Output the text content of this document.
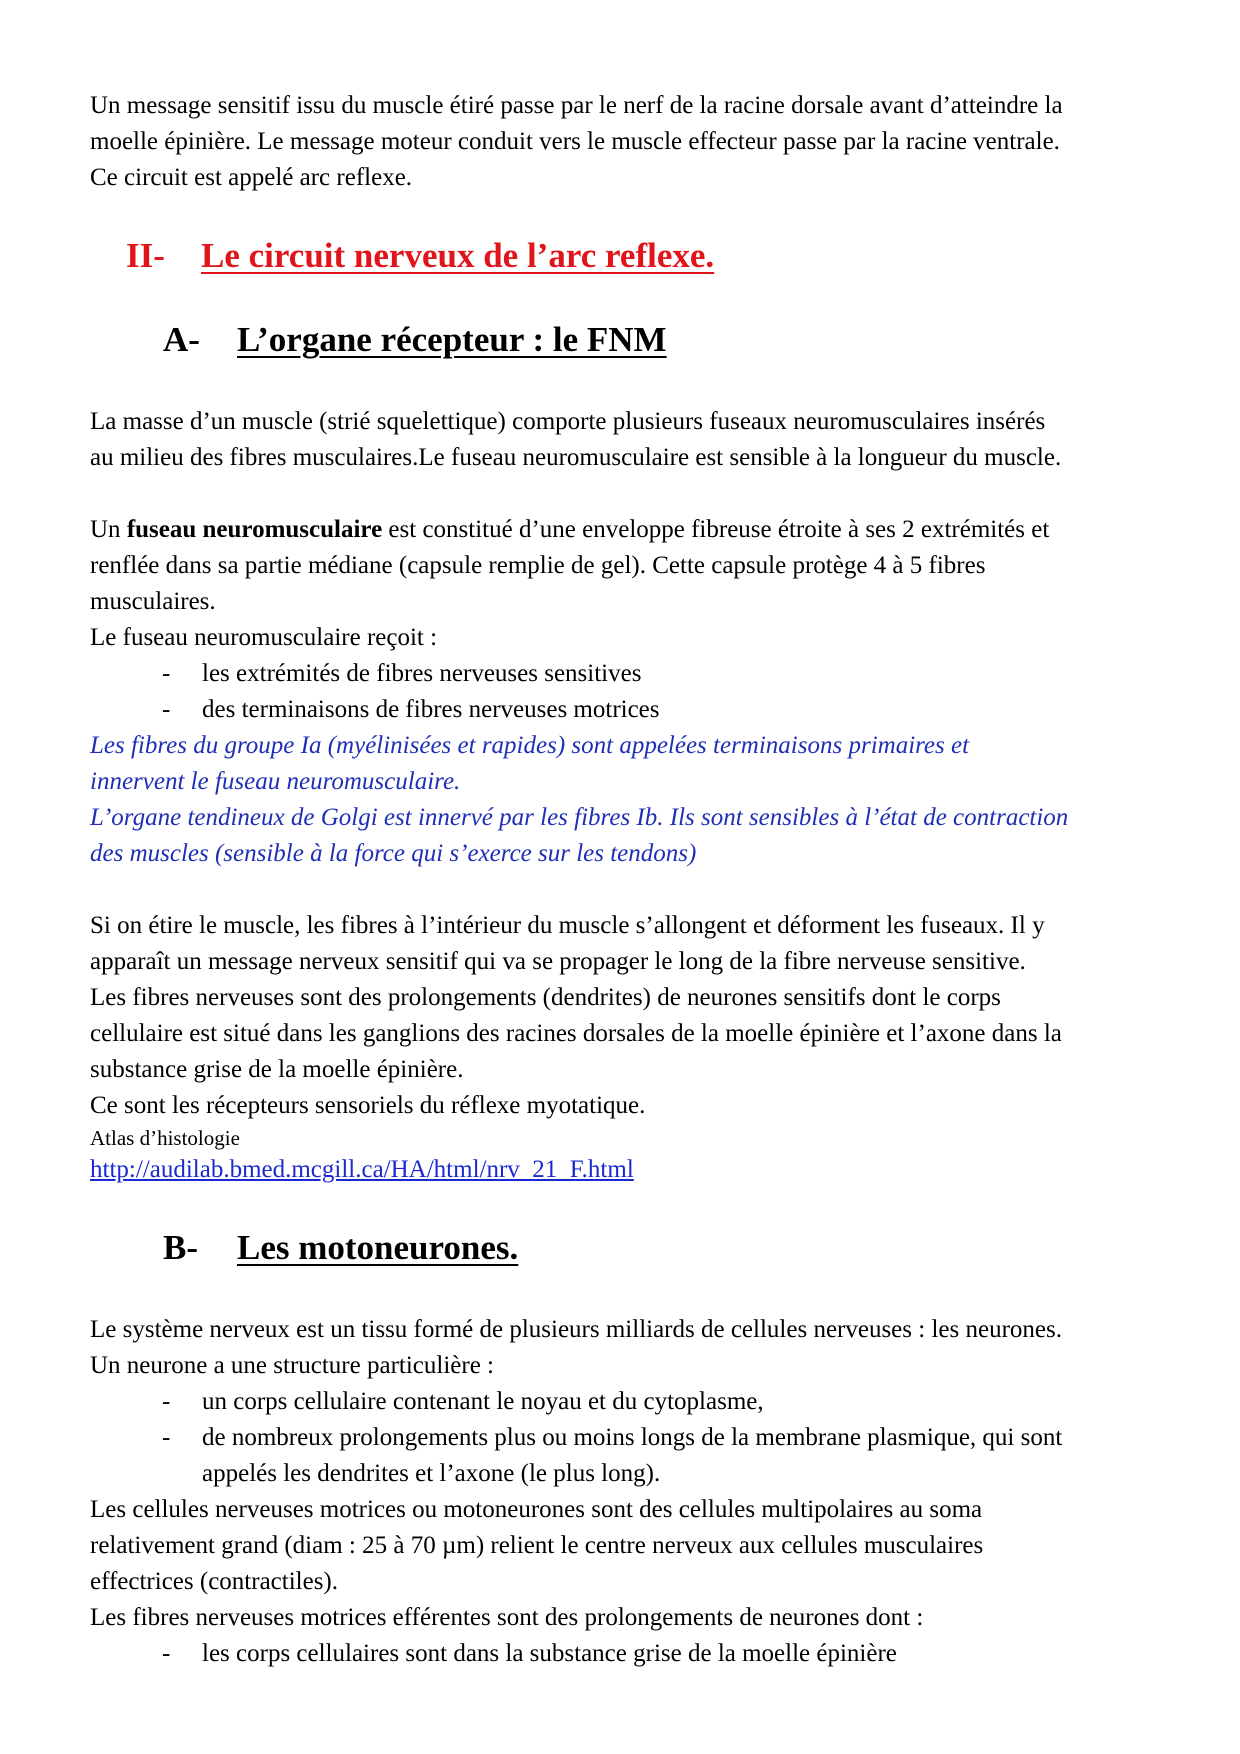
Un message sensitif issu du muscle étiré passe par le nerf de la racine dorsale avant d’atteindre la

moelle épinière. Le message moteur conduit vers le muscle effecteur passe par la racine ventrale.

Ce circuit est appelé arc reflexe.

II- Le circuit nerveux de l’arc reflexe.
A- L’organe récepteur : le FNM

La masse d’un muscle (strié squelettique) comporte plusieurs fuseaux neuromusculaires insérés

au milieu des fibres musculaires.Le fuseau neuromusculaire est sensible à la longueur du muscle.

Un fuseau neuromusculaire est constitué d’une enveloppe fibreuse étroite à ses 2 extrémités et

renflée dans sa partie médiane (capsule remplie de gel). Cette capsule protège 4 à 5 fibres

musculaires.

Le fuseau neuromusculaire reçoit :

- les extrémités de fibres nerveuses sensitives
- des terminaisons de fibres nerveuses motrices

Les fibres du groupe Ia (myélinisées et rapides) sont appelées terminaisons primaires et

innervent le fuseau neuromusculaire.

L’organe tendineux de Golgi est innervé par les fibres Ib. Ils sont sensibles à l’état de contraction

des muscles (sensible à la force qui s’exerce sur les tendons)

Si on étire le muscle, les fibres à l’intérieur du muscle s’allongent et déforment les fuseaux. Il y

apparaît un message nerveux sensitif qui va se propager le long de la fibre nerveuse sensitive.

Les fibres nerveuses sont des prolongements (dendrites) de neurones sensitifs dont le corps

cellulaire est situé dans les ganglions des racines dorsales de la moelle épinière et l’axone dans la

substance grise de la moelle épinière.

Ce sont les récepteurs sensoriels du réflexe myotatique.

Atlas d’histologie
http://audilab.bmed.mcgill.ca/HA/html/nrv_21_F.html
B- Les motoneurones.

Le système nerveux est un tissu formé de plusieurs milliards de cellules nerveuses : les neurones.

Un neurone a une structure particulière :

- un corps cellulaire contenant le noyau et du cytoplasme,
- de nombreux prolongements plus ou moins longs de la membrane plasmique, qui sont
appelés les dendrites et l’axone (le plus long).

Les cellules nerveuses motrices ou motoneurones sont des cellules multipolaires au soma

relativement grand (diam : 25 à 70 µm) relient le centre nerveux aux cellules musculaires

effectrices (contractiles).

Les fibres nerveuses motrices efférentes sont des prolongements de neurones dont :

- les corps cellulaires sont dans la substance grise de la moelle épinière
